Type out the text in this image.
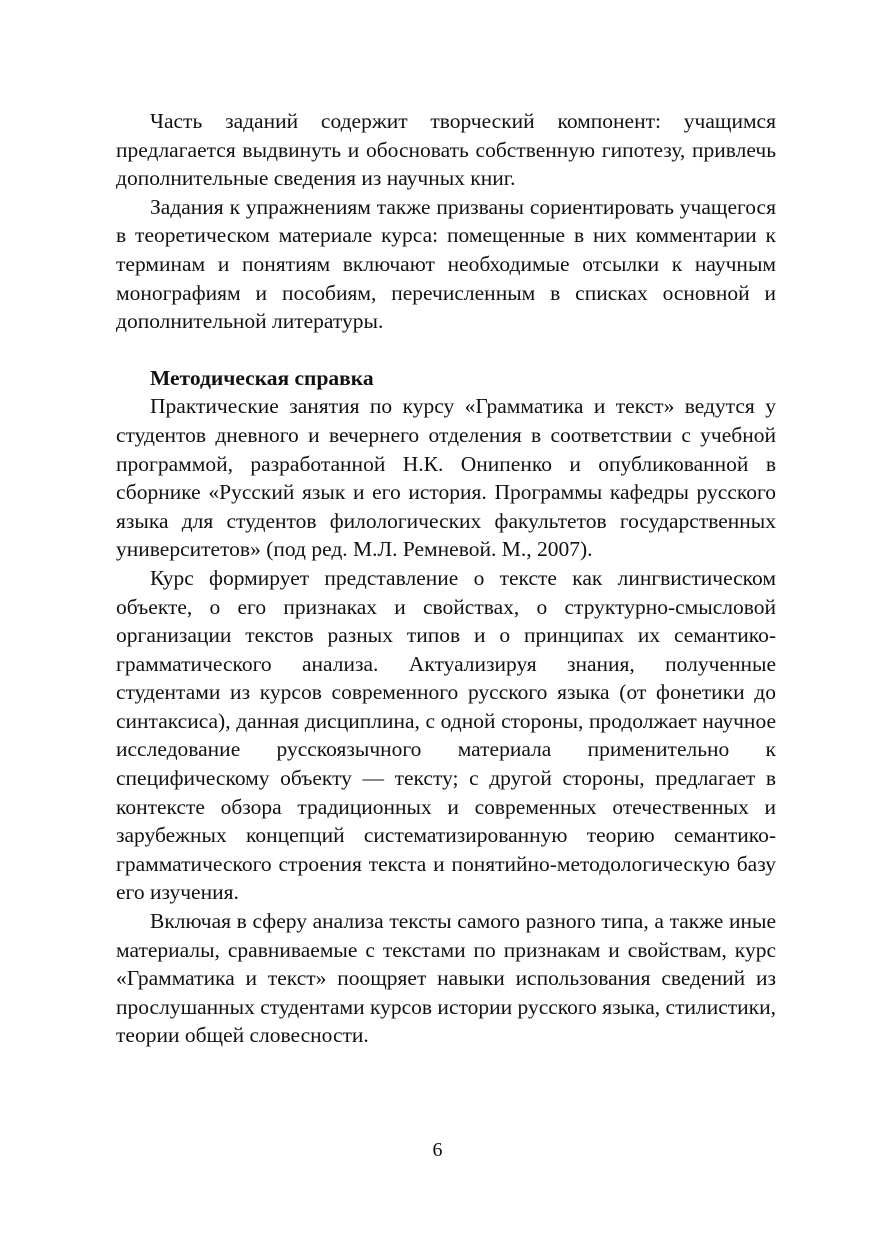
Часть заданий содержит творческий компонент: учащимся предлагается выдвинуть и обосновать собственную гипотезу, привлечь дополнительные сведения из научных книг.

Задания к упражнениям также призваны сориентировать учащегося в теоретическом материале курса: помещенные в них комментарии к терминам и понятиям включают необходимые отсылки к научным монографиям и пособиям, перечисленным в списках основной и дополнительной литературы.

Методическая справка

Практические занятия по курсу «Грамматика и текст» ведутся у студентов дневного и вечернего отделения в соответствии с учебной программой, разработанной Н.К. Онипенко и опубликованной в сборнике «Русский язык и его история. Программы кафедры русского языка для студентов филологических факультетов государственных университетов» (под ред. М.Л. Ремневой. М., 2007).

Курс формирует представление о тексте как лингвистическом объекте, о его признаках и свойствах, о структурно-смысловой организации текстов разных типов и о принципах их семантико-грамматического анализа. Актуализируя знания, полученные студентами из курсов современного русского языка (от фонетики до синтаксиса), данная дисциплина, с одной стороны, продолжает научное исследование русскоязычного материала применительно к специфическому объекту — тексту; с другой стороны, предлагает в контексте обзора традиционных и современных отечественных и зарубежных концепций систематизированную теорию семантико-грамматического строения текста и понятийно-методологическую базу его изучения.

Включая в сферу анализа тексты самого разного типа, а также иные материалы, сравниваемые с текстами по признакам и свойствам, курс «Грамматика и текст» поощряет навыки использования сведений из прослушанных студентами курсов истории русского языка, стилистики, теории общей словесности.

6
